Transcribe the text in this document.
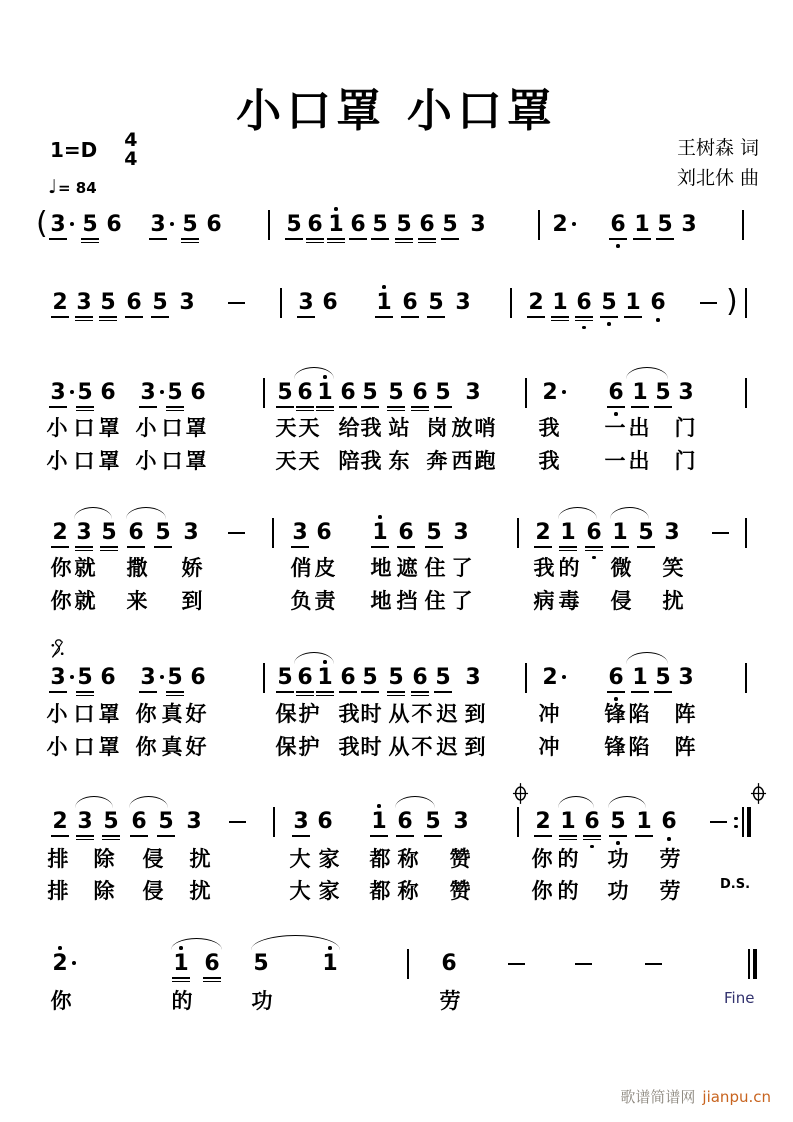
小口罩 小口罩
1=D 4
4
♩= 84
王树森 词
刘北休 曲
( 3 5 6 3 5 6	5 6 1 6 5 5 6 5 3	2 6 1 5 3
2 3 5 6 5 3	3 6 1 6 5 3	2 1 6 5 1 6 )
3 5 6 3 5 6	5 6 1 6 5 5 6 5 3	2 6 1 5 3
小 口 罩 小 口 罩	天 天 给 我 站 岗 放 哨 我 一 出 门
小 口 罩 小 口 罩	天 天 陪 我 东 奔 西 跑 我 一 出 门
2 3 5 6 5 3	3 6 1 6 5 3	2 1 6 1 5 3
你 就 撒 娇	俏 皮 地 遮 住 了	我 的 微 笑
你 就 来 到	负 责 地 挡 住 了	病 毒 侵 扰
3 5 6 3 5 6	5 6 1 6 5 5 6 5 3	2 6 1 5 3
小 口 罩 你 真 好	保 护 我 时 从 不 迟 到	冲 锋 陷 阵
小 口 罩 你 真 好	保 护 我 时 从 不 迟 到	冲 锋 陷 阵
2 3 5 6 5 3	3 6 1 6 5 3	2 1 6 5 1 6
排 除 侵 扰	大 家 都 称 赞	你 的 功 劳
排 除 侵 扰	大 家 都 称 赞	你 的 功 劳
2	1 6 5 1	6
你	的	功	劳
D.S.
Fine
歌谱简谱网 jianpu.cn
